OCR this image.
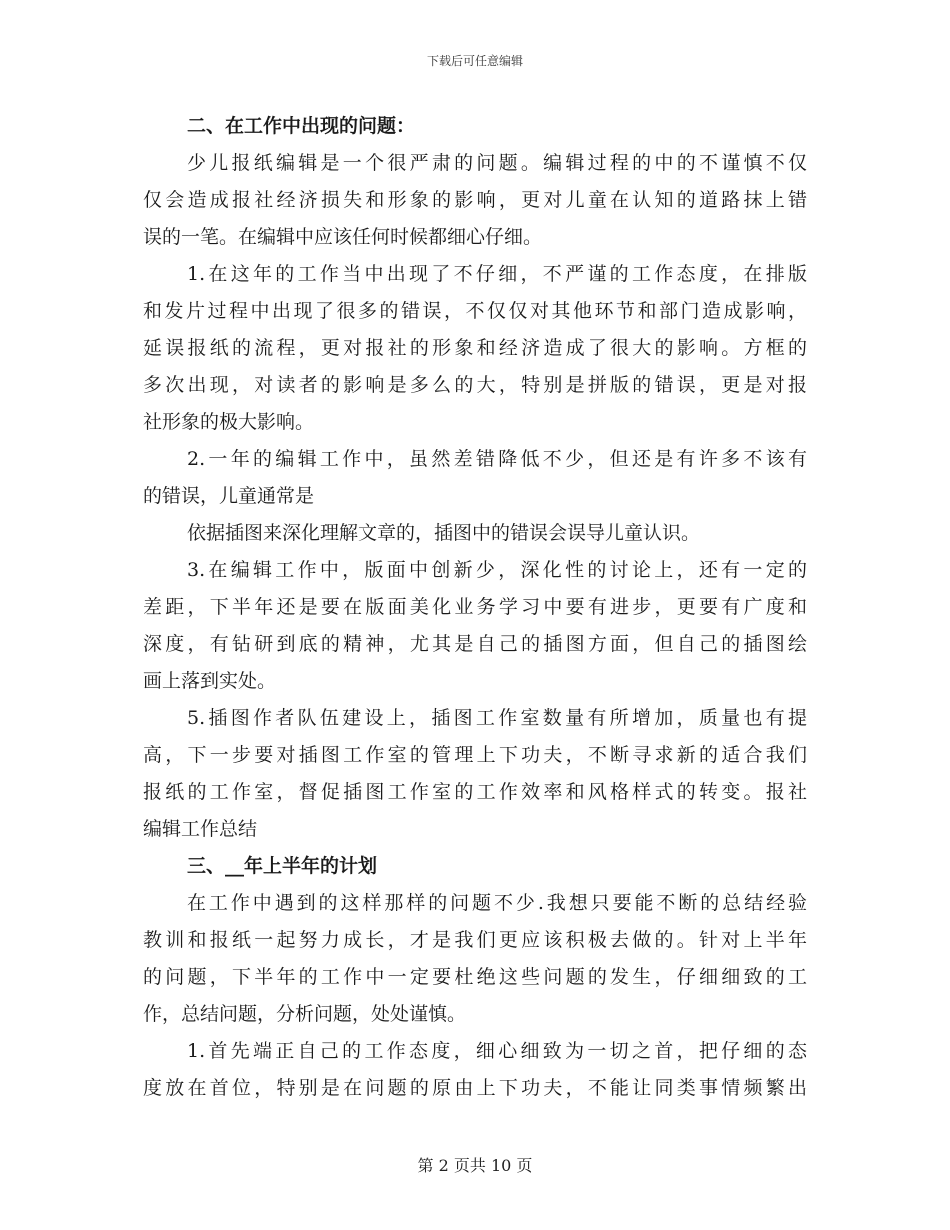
下载后可任意编辑
二、在工作中出现的问题：
少儿报纸编辑是一个很严肃的问题。编辑过程的中的不谨慎不仅
仅会造成报社经济损失和形象的影响，更对儿童在认知的道路抹上错
误的一笔。在编辑中应该任何时候都细心仔细。
1.在这年的工作当中出现了不仔细，不严谨的工作态度，在排版
和发片过程中出现了很多的错误，不仅仅对其他环节和部门造成影响，
延误报纸的流程，更对报社的形象和经济造成了很大的影响。方框的
多次出现，对读者的影响是多么的大，特别是拼版的错误，更是对报
社形象的极大影响。
2.一年的编辑工作中，虽然差错降低不少，但还是有许多不该有
的错误，儿童通常是
依据插图来深化理解文章的，插图中的错误会误导儿童认识。
3.在编辑工作中，版面中创新少，深化性的讨论上，还有一定的
差距，下半年还是要在版面美化业务学习中要有进步，更要有广度和
深度，有钻研到底的精神，尤其是自己的插图方面，但自己的插图绘
画上落到实处。
5.插图作者队伍建设上，插图工作室数量有所增加，质量也有提
高，下一步要对插图工作室的管理上下功夫，不断寻求新的适合我们
报纸的工作室，督促插图工作室的工作效率和风格样式的转变。报社
编辑工作总结
三、__年上半年的计划
在工作中遇到的这样那样的问题不少.我想只要能不断的总结经验
教训和报纸一起努力成长，才是我们更应该积极去做的。针对上半年
的问题，下半年的工作中一定要杜绝这些问题的发生，仔细细致的工
作，总结问题，分析问题，处处谨慎。
1.首先端正自己的工作态度，细心细致为一切之首，把仔细的态
度放在首位，特别是在问题的原由上下功夫，不能让同类事情频繁出
第 2 页共 10 页
